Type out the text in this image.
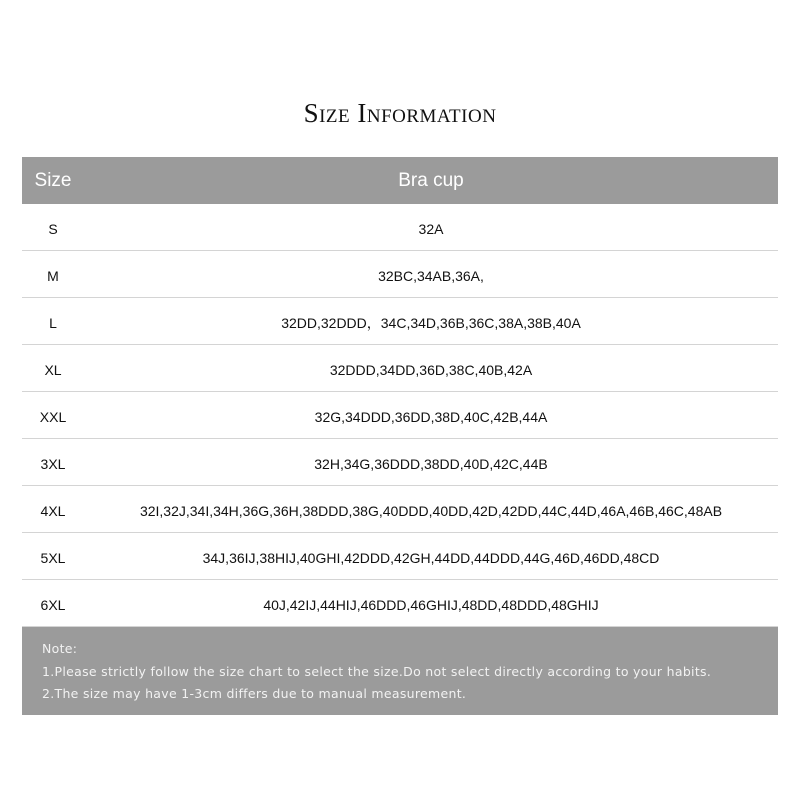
Size Information
Size	Bra cup
S	32A
M	32BC,34AB,36A,
L	32DD,32DDD，34C,34D,36B,36C,38A,38B,40A
XL	32DDD,34DD,36D,38C,40B,42A
XXL	32G,34DDD,36DD,38D,40C,42B,44A
3XL	32H,34G,36DDD,38DD,40D,42C,44B
4XL	32I,32J,34I,34H,36G,36H,38DDD,38G,40DDD,40DD,42D,42DD,44C,44D,46A,46B,46C,48AB
5XL	34J,36IJ,38HIJ,40GHI,42DDD,42GH,44DD,44DDD,44G,46D,46DD,48CD
6XL	40J,42IJ,44HIJ,46DDD,46GHIJ,48DD,48DDD,48GHIJ
Note:
1.Please strictly follow the size chart to select the size.Do not select directly according to your habits.
2.The size may have 1-3cm differs due to manual measurement.
